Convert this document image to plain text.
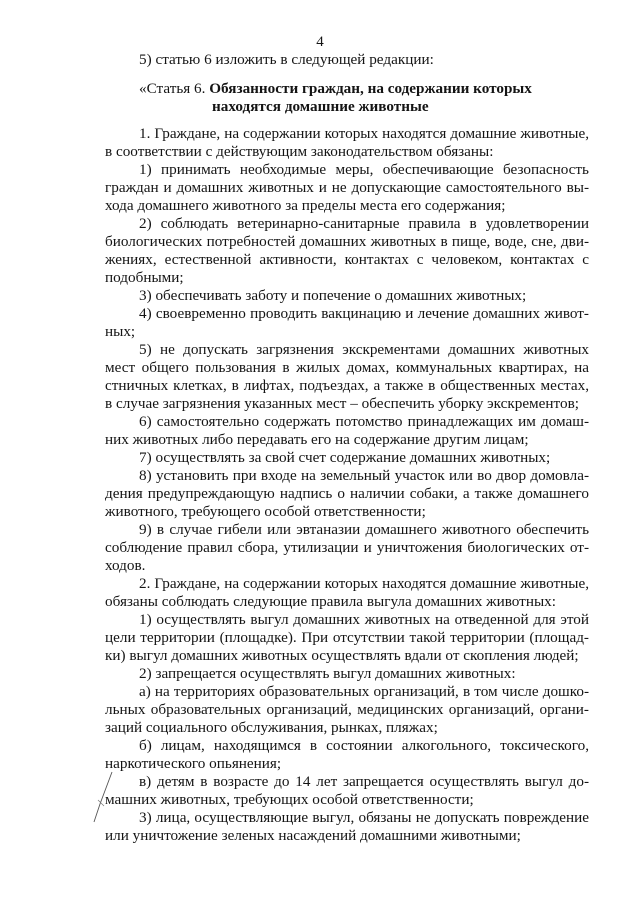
4
5) статью 6 изложить в следующей редакции:
«Статья 6. Обязанности граждан, на содержании которых
находятся домашние животные
1. Граждане, на содержании которых находятся домашние животные,
в соответствии с действующим законодательством обязаны:
1) принимать необходимые меры, обеспечивающие безопасность
граждан и домашних животных и не допускающие самостоятельного вы-
хода домашнего животного за пределы места его содержания;
2) соблюдать ветеринарно-санитарные правила в удовлетворении
биологических потребностей домашних животных в пище, воде, сне, дви-
жениях, естественной активности, контактах с человеком, контактах с
подобными;
3) обеспечивать заботу и попечение о домашних животных;
4) своевременно проводить вакцинацию и лечение домашних живот-
ных;
5) не допускать загрязнения экскрементами домашних животных
мест общего пользования в жилых домах, коммунальных квартирах, на
стничных клетках, в лифтах, подъездах, а также в общественных местах,
в случае загрязнения указанных мест – обеспечить уборку экскрементов;
6) самостоятельно содержать потомство принадлежащих им домаш-
них животных либо передавать его на содержание другим лицам;
7) осуществлять за свой счет содержание домашних животных;
8) установить при входе на земельный участок или во двор домовла-
дения предупреждающую надпись о наличии собаки, а также домашнего
животного, требующего особой ответственности;
9) в случае гибели или эвтаназии домашнего животного обеспечить
соблюдение правил сбора, утилизации и уничтожения биологических от-
ходов.
2. Граждане, на содержании которых находятся домашние животные,
обязаны соблюдать следующие правила выгула домашних животных:
1) осуществлять выгул домашних животных на отведенной для этой
цели территории (площадке). При отсутствии такой территории (площад-
ки) выгул домашних животных осуществлять вдали от скопления людей;
2) запрещается осуществлять выгул домашних животных:
а) на территориях образовательных организаций, в том числе дошко-
льных образовательных организаций, медицинских организаций, органи-
заций социального обслуживания, рынках, пляжах;
б) лицам, находящимся в состоянии алкогольного, токсического,
наркотического опьянения;
в) детям в возрасте до 14 лет запрещается осуществлять выгул до-
машних животных, требующих особой ответственности;
3) лица, осуществляющие выгул, обязаны не допускать повреждение
или уничтожение зеленых насаждений домашними животными;
